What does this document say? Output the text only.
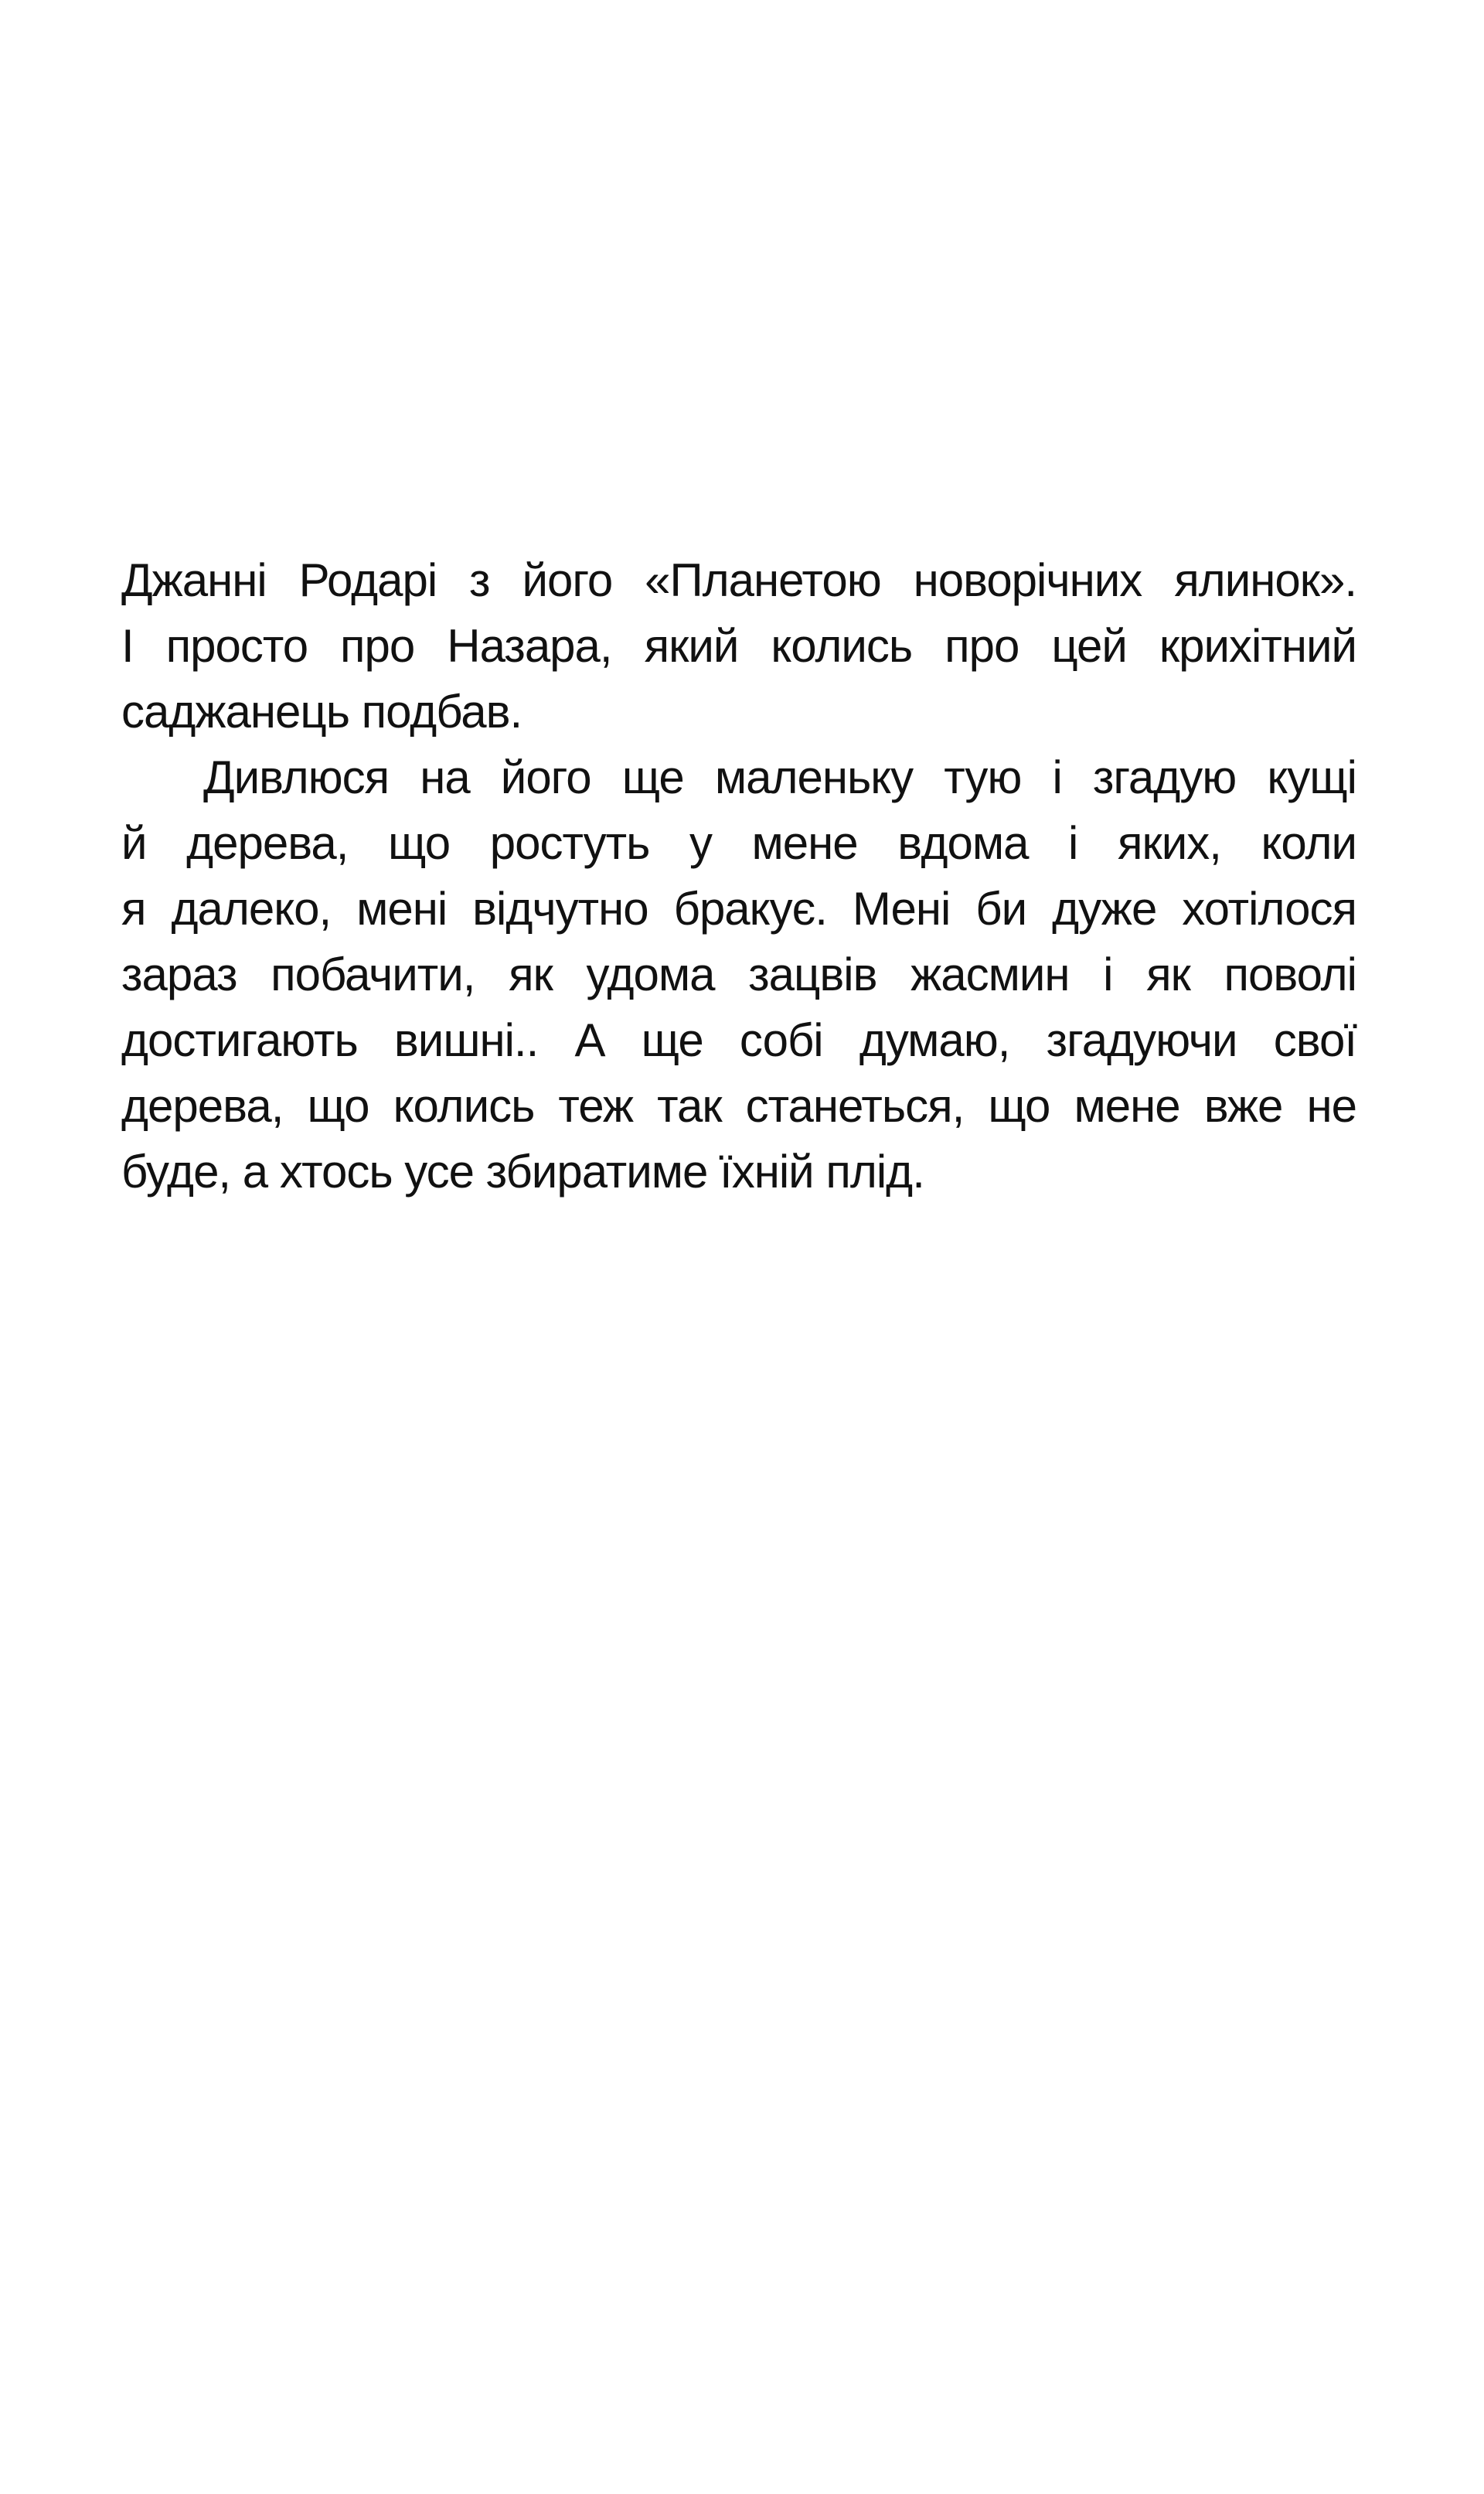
Джанні Родарі з його «Планетою новорічних ялинок».
І просто про Назара, який колись про цей крихітний
саджанець подбав.
Дивлюся на його ще маленьку тую і згадую кущі
й дерева, що ростуть у мене вдома і яких, коли
я далеко, мені відчутно бракує. Мені би дуже хотілося
зараз побачити, як удома зацвів жасмин і як поволі
достигають вишні.. А ще собі думаю, згадуючи свої
дерева, що колись теж так станеться, що мене вже не
буде, а хтось усе збиратиме їхній плід.
